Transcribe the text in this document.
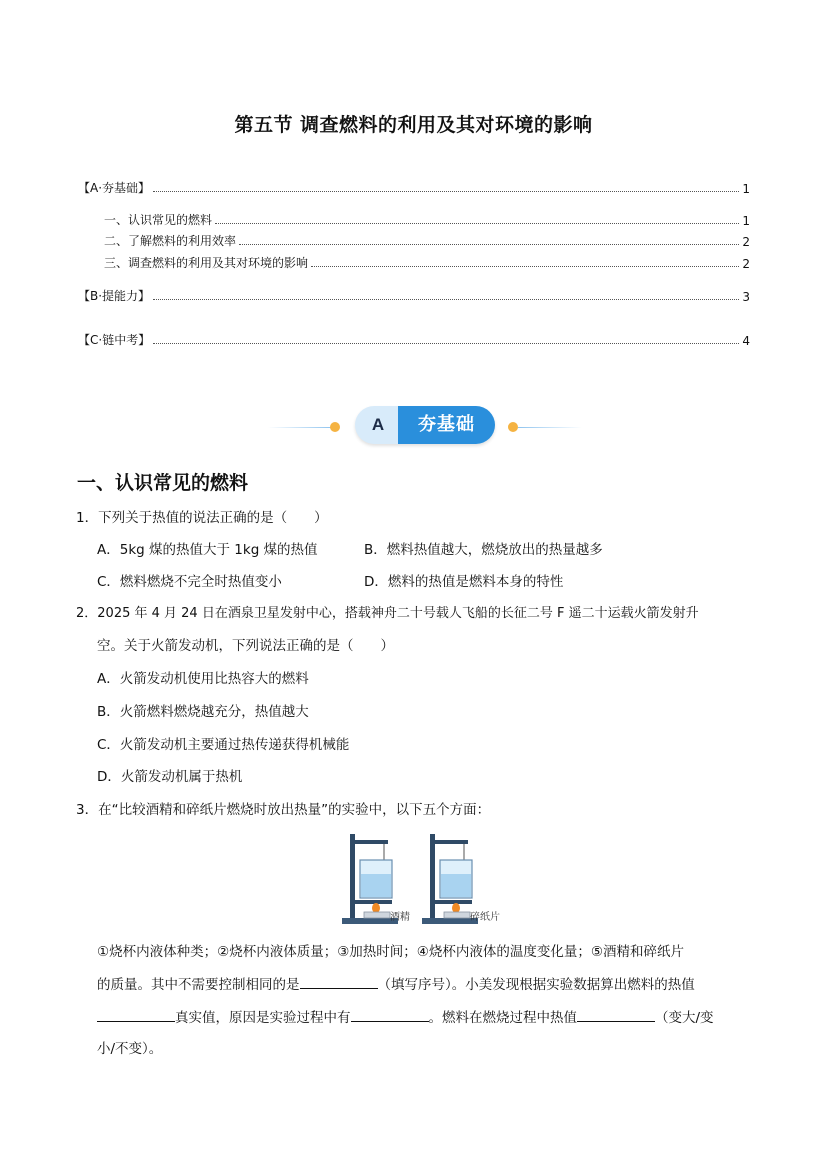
第五节 调查燃料的利用及其对环境的影响
【A·夯基础】	1
一、认识常见的燃料	1
二、了解燃料的利用效率	2
三、调查燃料的利用及其对环境的影响	2
【B·提能力】	3
【C·链中考】	4
A	夯基础
一、认识常见的燃料
1．下列关于热值的说法正确的是（　　）
A．5kg 煤的热值大于 1kg 煤的热值	B．燃料热值越大，燃烧放出的热量越多
C．燃料燃烧不完全时热值变小	D．燃料的热值是燃料本身的特性
2．2025 年 4 月 24 日在酒泉卫星发射中心，搭载神舟二十号载人飞船的长征二号 F 遥二十运载火箭发射升
空。关于火箭发动机，下列说法正确的是（　　）
A．火箭发动机使用比热容大的燃料
B．火箭燃料燃烧越充分，热值越大
C．火箭发动机主要通过热传递获得机械能
D．火箭发动机属于热机
3．在“比较酒精和碎纸片燃烧时放出热量”的实验中，以下五个方面：
酒精	碎纸片
①烧杯内液体种类；②烧杯内液体质量；③加热时间；④烧杯内液体的温度变化量；⑤酒精和碎纸片
的质量。其中不需要控制相同的是	（填写序号）。小美发现根据实验数据算出燃料的热值
真实值，原因是实验过程中有	。燃料在燃烧过程中热值	（变大/变
小/不变）。
